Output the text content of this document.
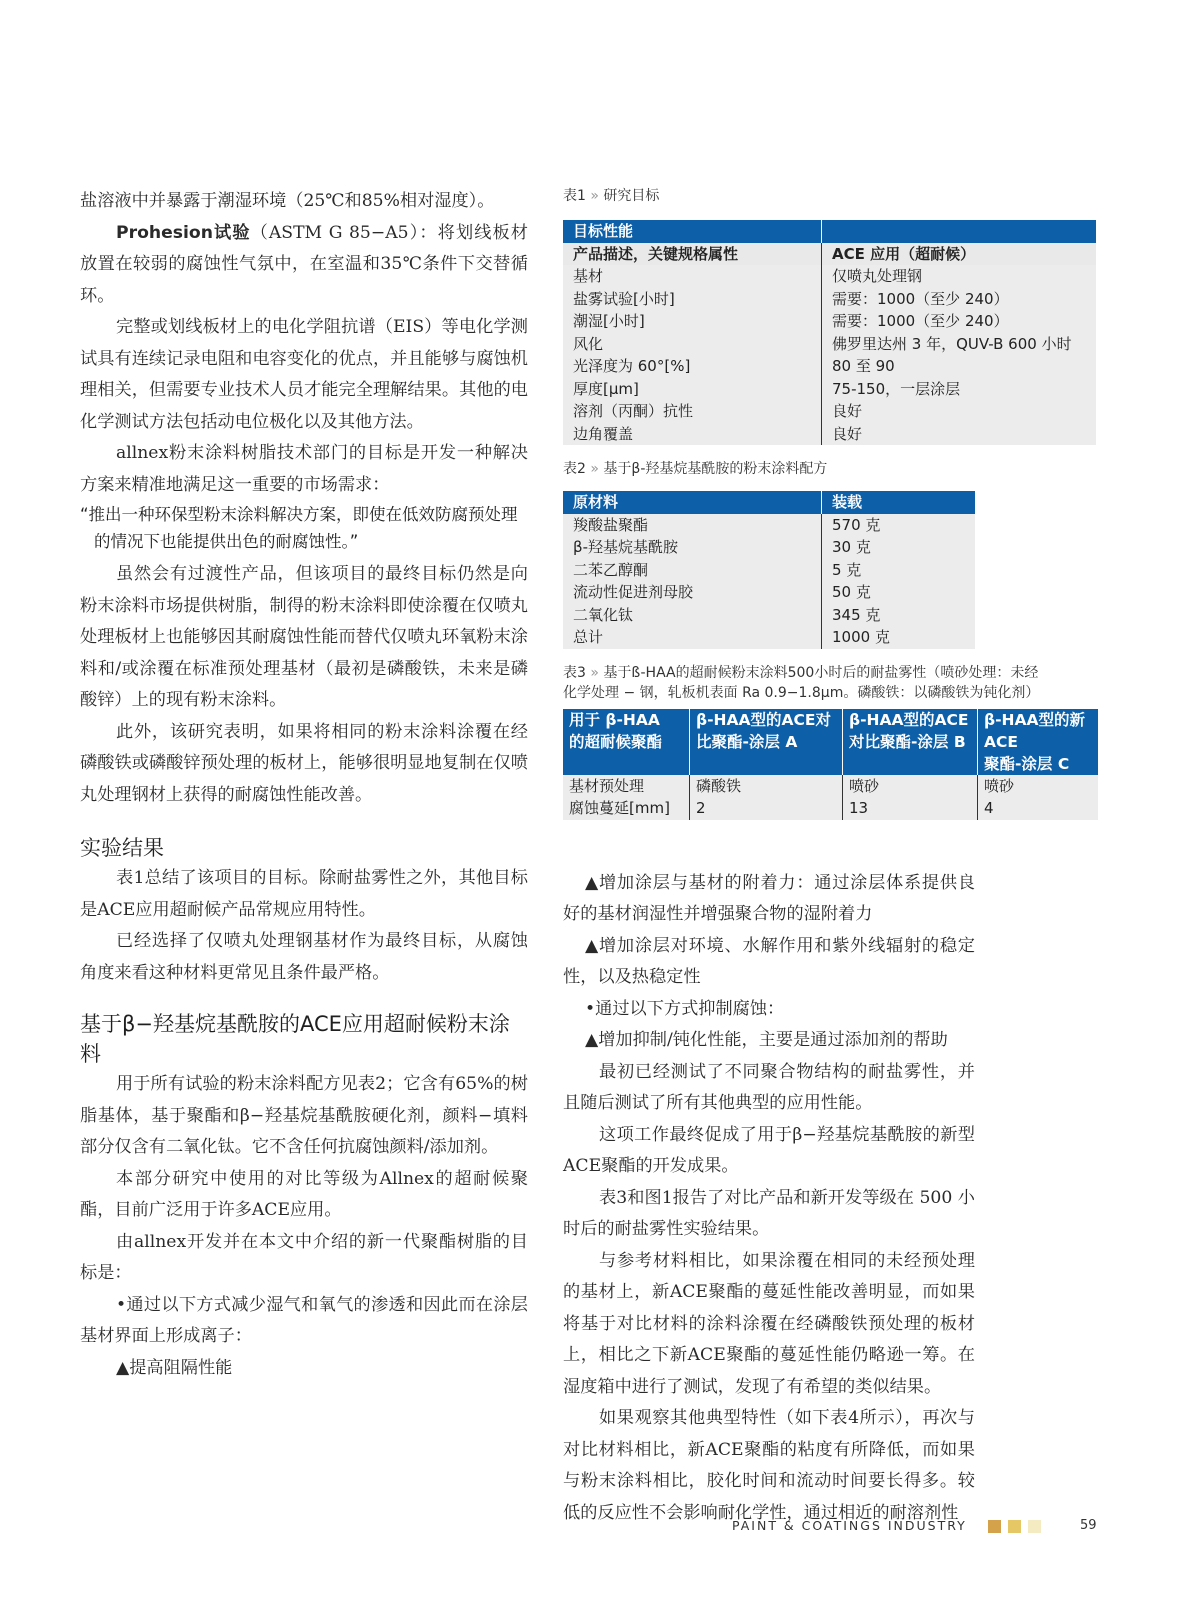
盐溶液中并暴露于潮湿环境（25℃和85%相对湿度）。

Prohesion试验（ASTM G 85−A5）：将划线板材放置在较弱的腐蚀性气氛中，在室温和35℃条件下交替循环。

完整或划线板材上的电化学阻抗谱（EIS）等电化学测试具有连续记录电阻和电容变化的优点，并且能够与腐蚀机理相关，但需要专业技术人员才能完全理解结果。其他的电化学测试方法包括动电位极化以及其他方法。

allnex粉末涂料树脂技术部门的目标是开发一种解决方案来精准地满足这一重要的市场需求：

“推出一种环保型粉末涂料解决方案，即使在低效防腐预处理的情况下也能提供出色的耐腐蚀性。”

虽然会有过渡性产品，但该项目的最终目标仍然是向粉末涂料市场提供树脂，制得的粉末涂料即使涂覆在仅喷丸处理板材上也能够因其耐腐蚀性能而替代仅喷丸环氧粉末涂料和/或涂覆在标准预处理基材（最初是磷酸铁，未来是磷酸锌）上的现有粉末涂料。

此外，该研究表明，如果将相同的粉末涂料涂覆在经磷酸铁或磷酸锌预处理的板材上，能够很明显地复制在仅喷丸处理钢材上获得的耐腐蚀性能改善。

实验结果

表1总结了该项目的目标。除耐盐雾性之外，其他目标是ACE应用超耐候产品常规应用特性。

已经选择了仅喷丸处理钢基材作为最终目标，从腐蚀角度来看这种材料更常见且条件最严格。

基于β−羟基烷基酰胺的ACE应用超耐候粉末涂料

用于所有试验的粉末涂料配方见表2；它含有65%的树脂基体，基于聚酯和β−羟基烷基酰胺硬化剂，颜料−填料部分仅含有二氧化钛。它不含任何抗腐蚀颜料/添加剂。

本部分研究中使用的对比等级为Allnex的超耐候聚酯，目前广泛用于许多ACE应用。

由allnex开发并在本文中介绍的新一代聚酯树脂的目标是：

•通过以下方式减少湿气和氧气的渗透和因此而在涂层基材界面上形成离子：

▲提高阻隔性能

表1 » 研究目标

目标性能	
产品描述，关键规格属性	ACE 应用（超耐候）
基材	仅喷丸处理钢
盐雾试验[小时]	需要：1000（至少 240）
潮湿[小时]	需要：1000（至少 240）
风化	佛罗里达州 3 年，QUV-B 600 小时
光泽度为 60°[%]	80 至 90
厚度[μm]	75-150，一层涂层
溶剂（丙酮）抗性	良好
边角覆盖	良好

表2 » 基于β-羟基烷基酰胺的粉末涂料配方

原材料	装载
羧酸盐聚酯	570 克
β-羟基烷基酰胺	30 克
二苯乙醇酮	5 克
流动性促进剂母胶	50 克
二氧化钛	345 克
总计	1000 克

表3 » 基于ß-HAA的超耐候粉末涂料500小时后的耐盐雾性（喷砂处理：未经
化学处理 − 钢，轧板机表面 Ra 0.9−1.8μm。磷酸铁：以磷酸铁为钝化剂）

用于 β-HAA
的超耐候聚酯	β-HAA型的ACE对
比聚酯-涂层 A	β-HAA型的ACE
对比聚酯-涂层 B	β-HAA型的新ACE
聚酯-涂层 C
基材预处理	磷酸铁	喷砂	喷砂
腐蚀蔓延[mm]	2	13	4

▲增加涂层与基材的附着力：通过涂层体系提供良好的基材润湿性并增强聚合物的湿附着力

▲增加涂层对环境、水解作用和紫外线辐射的稳定性，以及热稳定性

•通过以下方式抑制腐蚀：

▲增加抑制/钝化性能，主要是通过添加剂的帮助

最初已经测试了不同聚合物结构的耐盐雾性，并且随后测试了所有其他典型的应用性能。

这项工作最终促成了用于β−羟基烷基酰胺的新型ACE聚酯的开发成果。

表3和图1报告了对比产品和新开发等级在 500 小时后的耐盐雾性实验结果。

与参考材料相比，如果涂覆在相同的未经预处理的基材上，新ACE聚酯的蔓延性能改善明显，而如果将基于对比材料的涂料涂覆在经磷酸铁预处理的板材上，相比之下新ACE聚酯的蔓延性能仍略逊一筹。在湿度箱中进行了测试，发现了有希望的类似结果。

如果观察其他典型特性（如下表4所示），再次与对比材料相比，新ACE聚酯的粘度有所降低，而如果与粉末涂料相比，胶化时间和流动时间要长得多。较低的反应性不会影响耐化学性，通过相近的耐溶剂性

PAINT & COATINGS INDUSTRY	59
